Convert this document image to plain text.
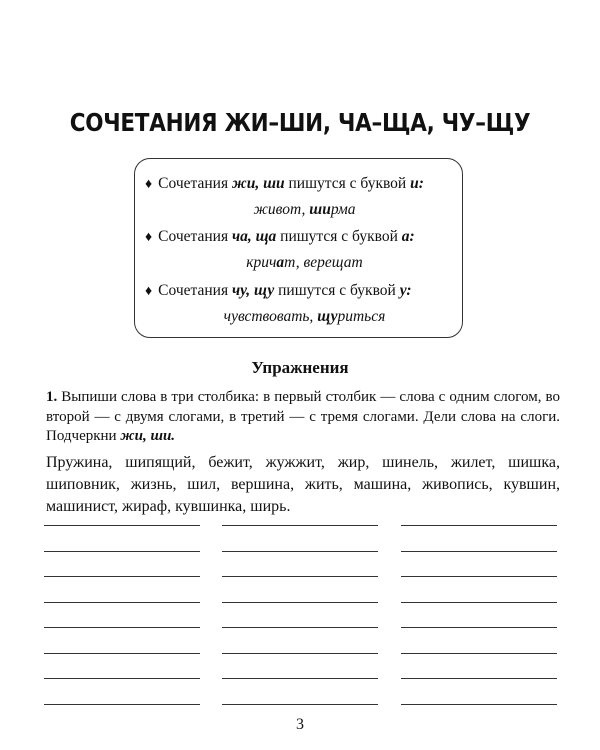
СОЧЕТАНИЯ ЖИ–ШИ, ЧА–ЩА, ЧУ–ЩУ
♦ Сочетания жи, ши пишутся с буквой и:
живот, ширма
♦ Сочетания ча, ща пишутся с буквой а:
кричат, верещат
♦ Сочетания чу, щу пишутся с буквой у:
чувствовать, щуриться
Упражнения
1. Выпиши слова в три столбика: в первый столбик — слова с одним слогом, во второй — с двумя слогами, в третий — с тремя слогами. Дели слова на слоги. Подчеркни жи, ши.
Пружина, шипящий, бежит, жужжит, жир, шинель, жилет, шишка, шиповник, жизнь, шил, вершина, жить, машина, живопись, кувшин, машинист, жираф, кувшинка, ширь.
3
